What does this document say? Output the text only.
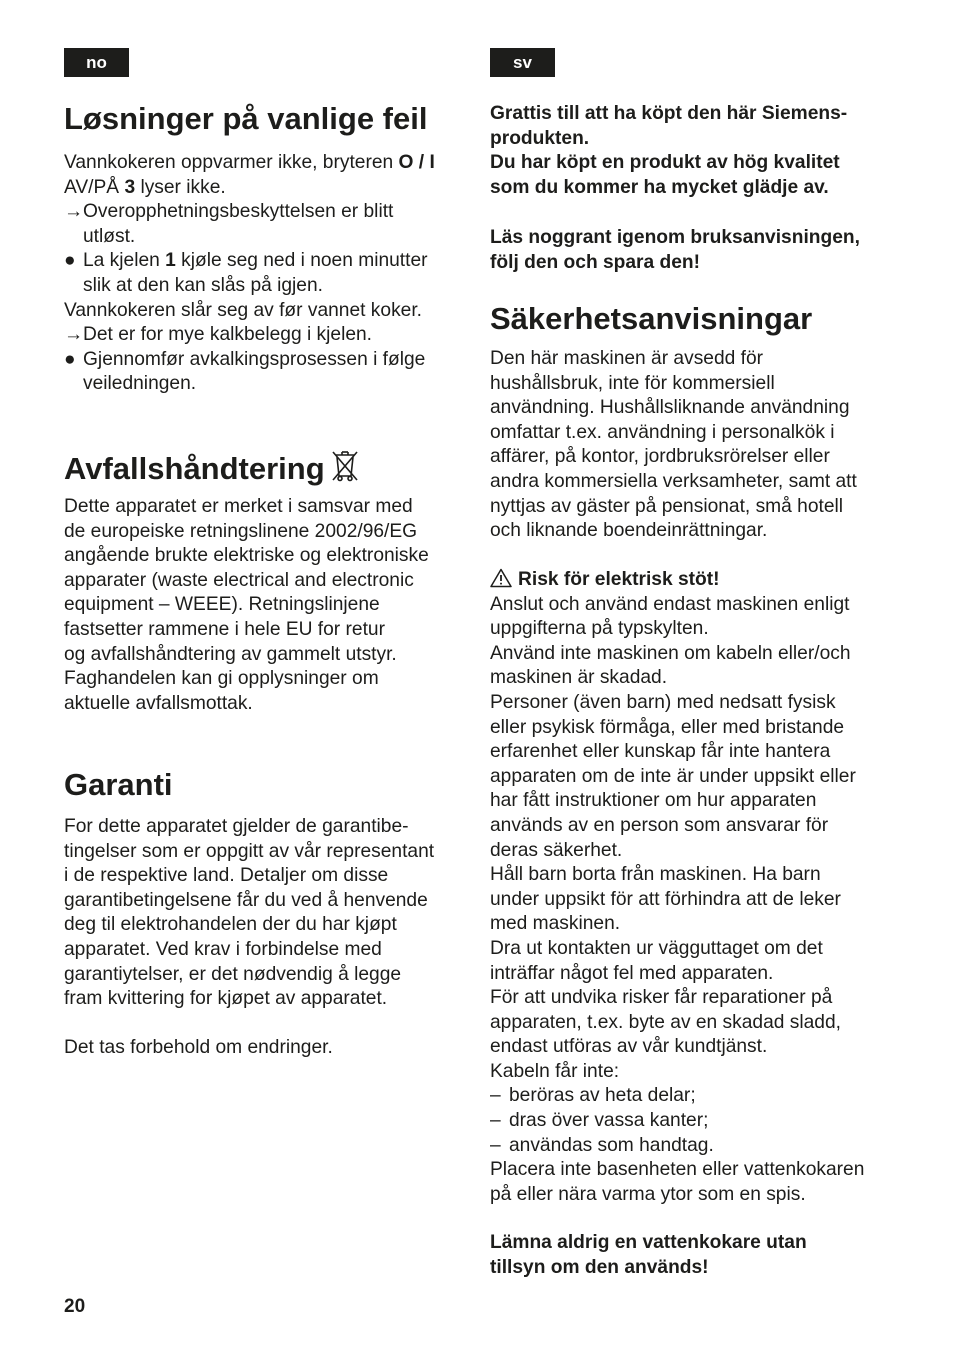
no	sv
Løsninger på vanlige feil
Vannkokeren oppvarmer ikke, bryteren O / I
AV/PÅ 3 lyser ikke.
→Overopphetningsbeskyttelsen er blitt
utløst.
● La kjelen 1 kjøle seg ned i noen minutter
slik at den kan slås på igjen.
Vannkokeren slår seg av før vannet koker.
→Det er for mye kalkbelegg i kjelen.
● Gjennomfør avkalkingsprosessen i følge
veiledningen.
Avfallshåndtering
Dette apparatet er merket i samsvar med
de europeiske retningslinene 2002/96/EG
angående brukte elektriske og elektroniske
apparater (waste electrical and electronic
equipment – WEEE). Retningslinjene
fastsetter rammene i hele EU for retur
og avfallshåndtering av gammelt utstyr.
Faghandelen kan gi opplysninger om
aktuelle avfallsmottak.
Garanti
For dette apparatet gjelder de garantibe-
tingelser som er oppgitt av vår representant
i de respektive land. Detaljer om disse
garantibetingelsene får du ved å henvende
deg til elektrohandelen der du har kjøpt
apparatet. Ved krav i forbindelse med
garantiytelser, er det nødvendig å legge
fram kvittering for kjøpet av apparatet.
Det tas forbehold om endringer.
20
Grattis till att ha köpt den här Siemens-
produkten.
Du har köpt en produkt av hög kvalitet
som du kommer ha mycket glädje av.
Läs noggrant igenom bruksanvisningen,
följ den och spara den!
Säkerhetsanvisningar
Den här maskinen är avsedd för
hushållsbruk, inte för kommersiell
användning. Hushållsliknande användning
omfattar t.ex. användning i personalkök i
affärer, på kontor, jordbruksrörelser eller
andra kommersiella verksamheter, samt att
nyttjas av gäster på pensionat, små hotell
och liknande boendeinrättningar.
Risk för elektrisk stöt!
Anslut och använd endast maskinen enligt
uppgifterna på typskylten.
Använd inte maskinen om kabeln eller/och
maskinen är skadad.
Personer (även barn) med nedsatt fysisk
eller psykisk förmåga, eller med bristande
erfarenhet eller kunskap får inte hantera
apparaten om de inte är under uppsikt eller
har fått instruktioner om hur apparaten
används av en person som ansvarar för
deras säkerhet.
Håll barn borta från maskinen. Ha barn
under uppsikt för att förhindra att de leker
med maskinen.
Dra ut kontakten ur vägguttaget om det
inträffar något fel med apparaten.
För att undvika risker får reparationer på
apparaten, t.ex. byte av en skadad sladd,
endast utföras av vår kundtjänst.
Kabeln får inte:
– beröras av heta delar;
– dras över vassa kanter;
– användas som handtag.
Placera inte basenheten eller vattenkokaren
på eller nära varma ytor som en spis.
Lämna aldrig en vattenkokare utan
tillsyn om den används!
